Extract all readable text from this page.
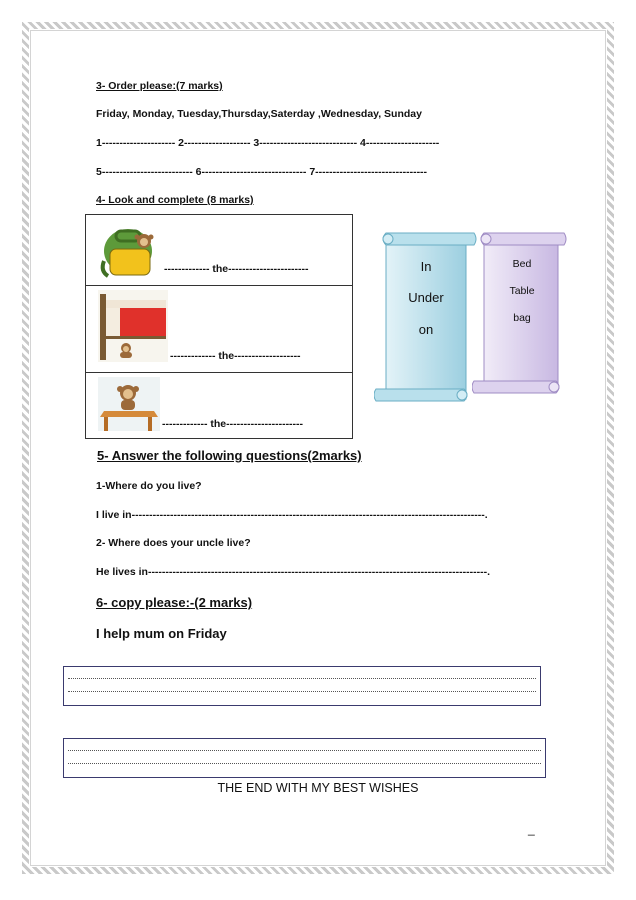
3- Order please:(7 marks)
Friday, Monday, Tuesday,Thursday,Saterday ,Wednesday, Sunday
1--------------------- 2------------------- 3---------------------------- 4---------------------
5-------------------------- 6------------------------------ 7--------------------------------
4- Look and complete (8 marks)
------------- the-----------------------
------------- the-------------------
------------- the----------------------
In
Under
on
Bed
Table
bag
5- Answer the following questions(2marks)
1-Where do you live?
I live in-----------------------------------------------------------------------------------------------------.
2- Where does your uncle live?
He lives in-------------------------------------------------------------------------------------------------.
6- copy please:-(2 marks)
I help mum on Friday
THE END WITH MY BEST WISHES
_
